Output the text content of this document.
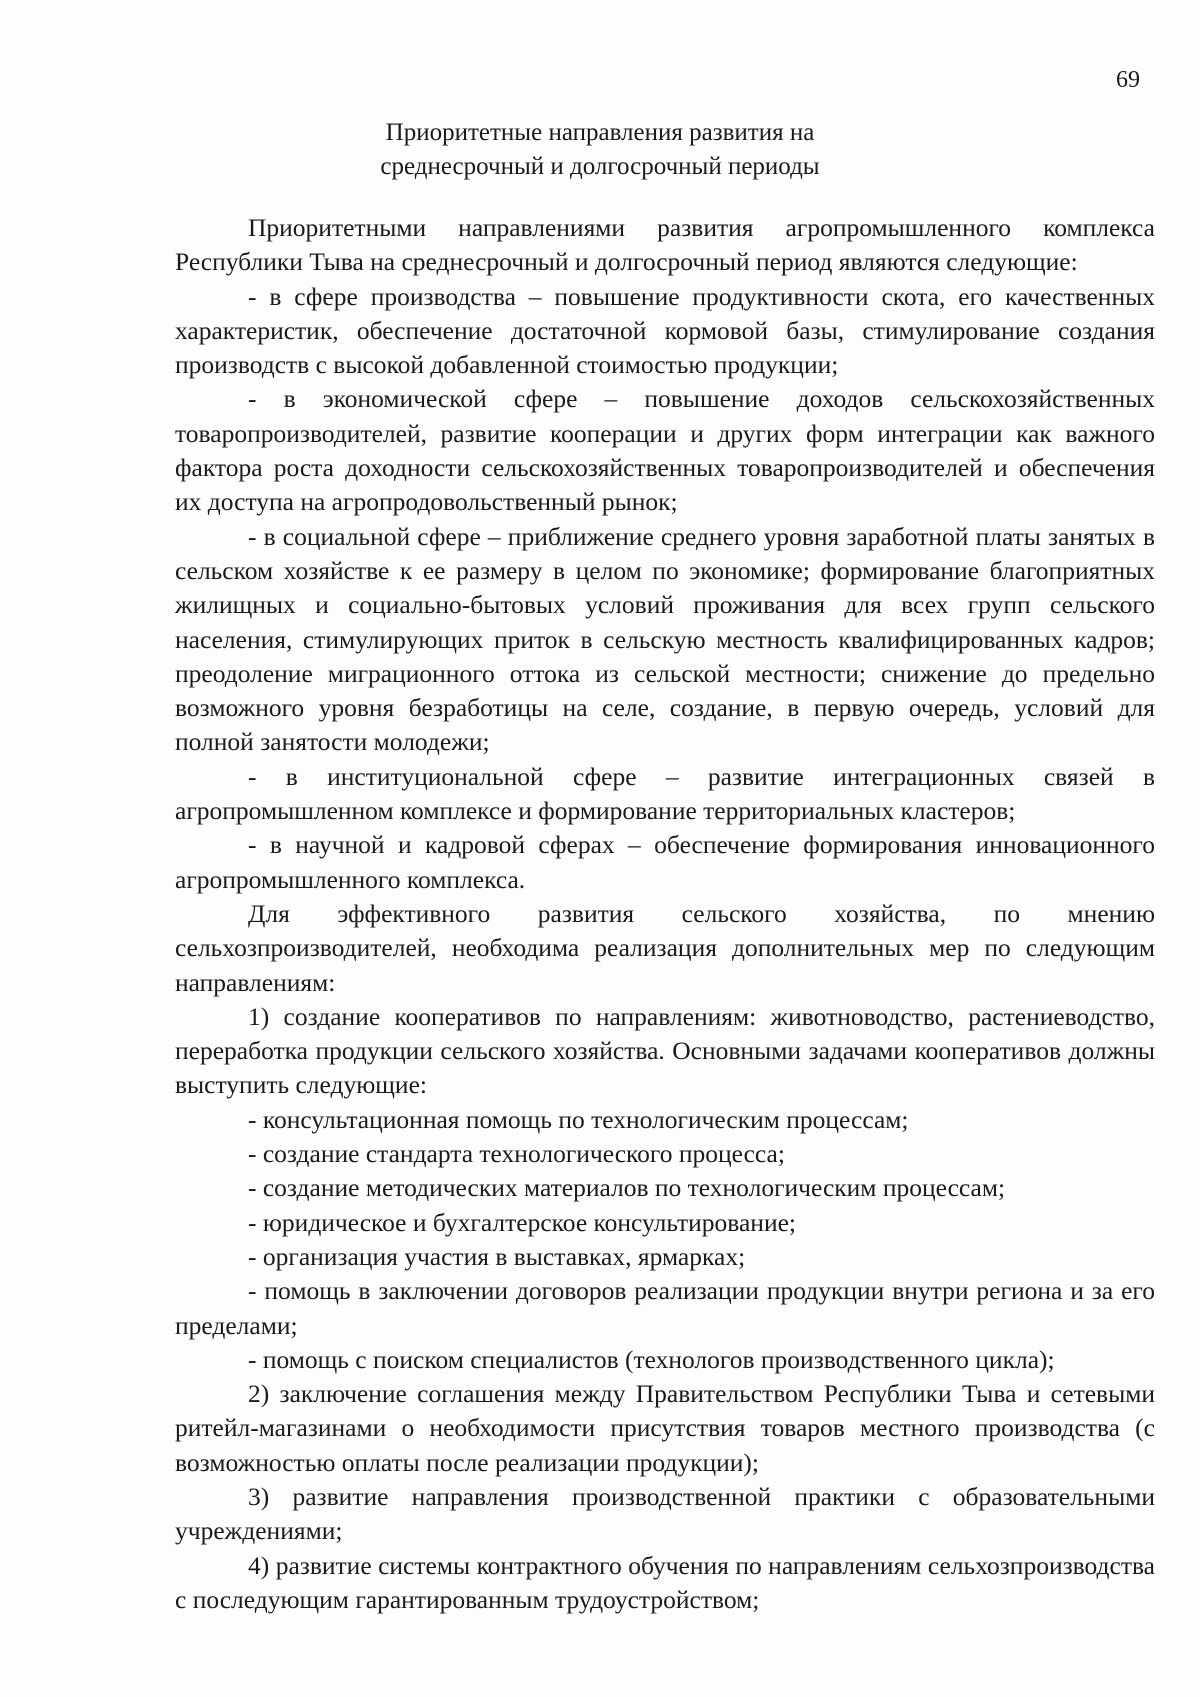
69
Приоритетные направления развития на
среднесрочный и долгосрочный периоды

Приоритетными направлениями развития агропромышленного комплекса Республики Тыва на среднесрочный и долгосрочный период являются следующие:

- в сфере производства – повышение продуктивности скота, его качественных характеристик, обеспечение достаточной кормовой базы, стимулирование создания производств с высокой добавленной стоимостью продукции;

- в экономической сфере – повышение доходов сельскохозяйственных товаропроизводителей, развитие кооперации и других форм интеграции как важного фактора роста доходности сельскохозяйственных товаропроизводителей и обеспечения их доступа на агропродовольственный рынок;

- в социальной сфере – приближение среднего уровня заработной платы занятых в сельском хозяйстве к ее размеру в целом по экономике; формирование благоприятных жилищных и социально-бытовых условий проживания для всех групп сельского населения, стимулирующих приток в сельскую местность квалифицированных кадров; преодоление миграционного оттока из сельской местности; снижение до предельно возможного уровня безработицы на селе, создание, в первую очередь, условий для полной занятости молодежи;

- в институциональной сфере – развитие интеграционных связей в агропромышленном комплексе и формирование территориальных кластеров;

- в научной и кадровой сферах – обеспечение формирования инновационного агропромышленного комплекса.

Для эффективного развития сельского хозяйства, по мнению сельхозпроизводителей, необходима реализация дополнительных мер по следующим направлениям:

1) создание кооперативов по направлениям: животноводство, растениеводство, переработка продукции сельского хозяйства. Основными задачами кооперативов должны выступить следующие:

- консультационная помощь по технологическим процессам;

- создание стандарта технологического процесса;

- создание методических материалов по технологическим процессам;

- юридическое и бухгалтерское консультирование;

- организация участия в выставках, ярмарках;

- помощь в заключении договоров реализации продукции внутри региона и за его пределами;

- помощь с поиском специалистов (технологов производственного цикла);

2) заключение соглашения между Правительством Республики Тыва и сетевыми ритейл-магазинами о необходимости присутствия товаров местного производства (с возможностью оплаты после реализации продукции);

3) развитие направления производственной практики с образовательными учреждениями;

4) развитие системы контрактного обучения по направлениям сельхозпроизводства с последующим гарантированным трудоустройством;
